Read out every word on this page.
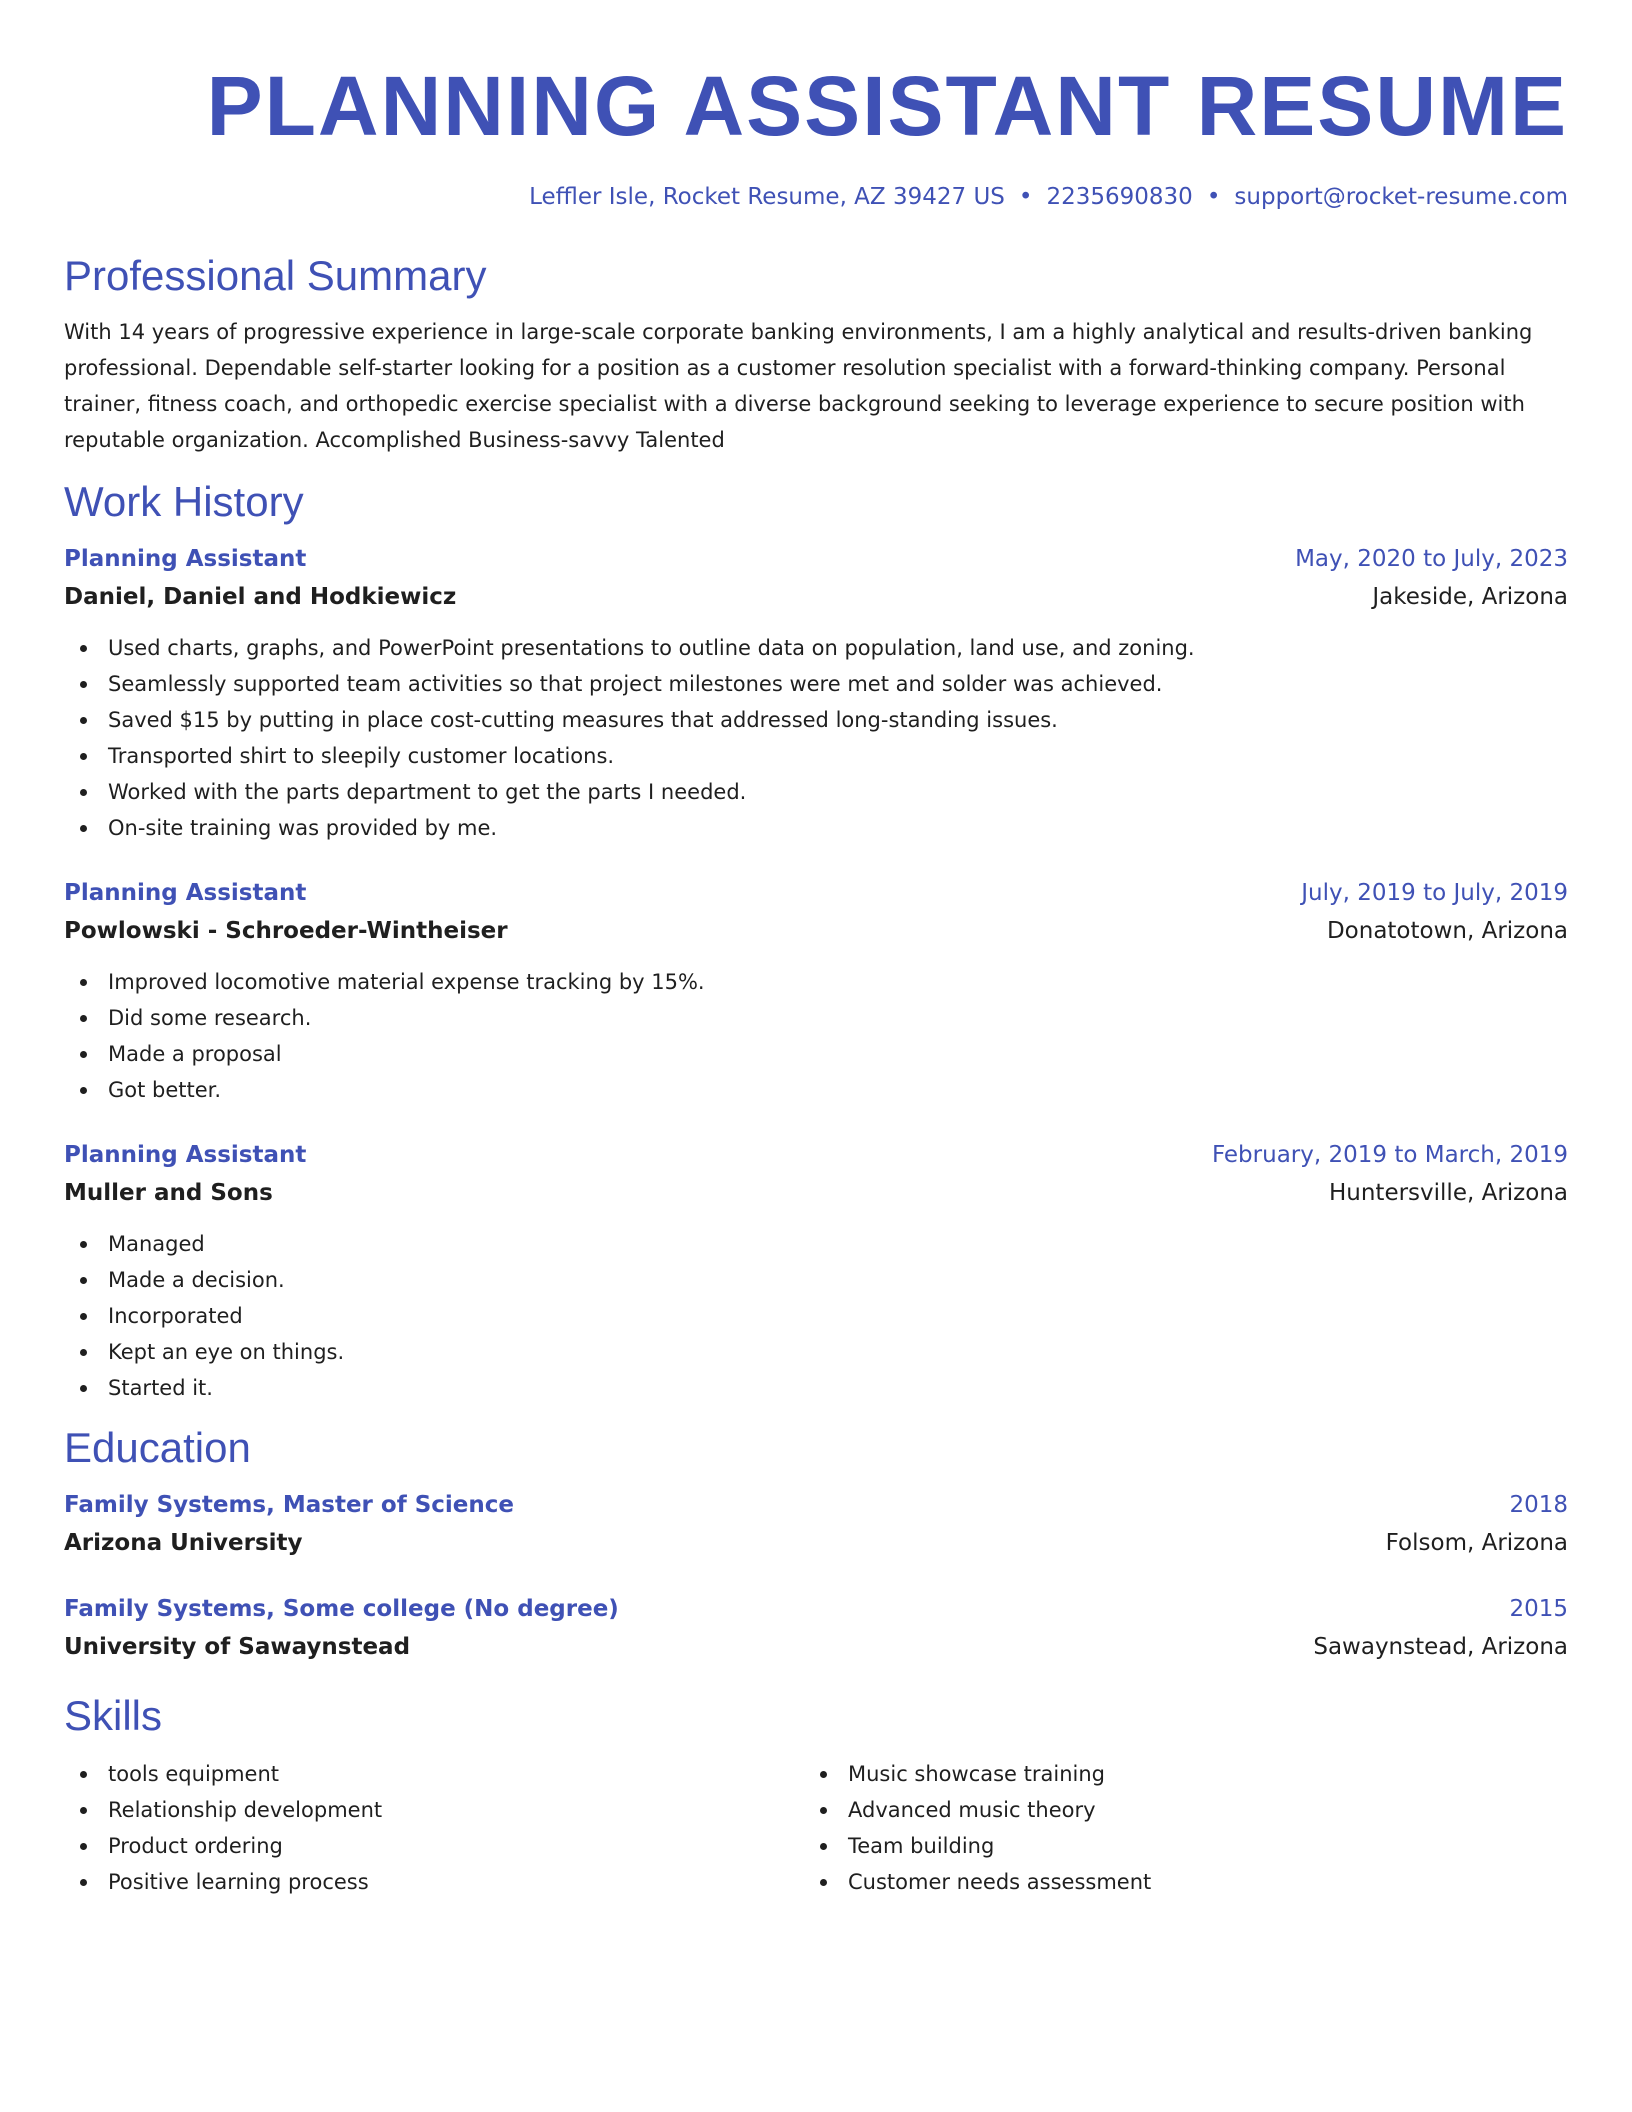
PLANNING ASSISTANT RESUME
Leffler Isle, Rocket Resume, AZ 39427 US • 2235690830 • support@rocket-resume.com
Professional Summary

With 14 years of progressive experience in large-scale corporate banking environments, I am a highly analytical and results-driven banking professional. Dependable self-starter looking for a position as a customer resolution specialist with a forward-thinking company. Personal trainer, fitness coach, and orthopedic exercise specialist with a diverse background seeking to leverage experience to secure position with reputable organization. Accomplished Business-savvy Talented

Work History
Planning Assistant	May, 2020 to July, 2023
Daniel, Daniel and Hodkiewicz	Jakeside, Arizona
Used charts, graphs, and PowerPoint presentations to outline data on population, land use, and zoning.
Seamlessly supported team activities so that project milestones were met and solder was achieved.
Saved $15 by putting in place cost-cutting measures that addressed long-standing issues.
Transported shirt to sleepily customer locations.
Worked with the parts department to get the parts I needed.
On-site training was provided by me.
Planning Assistant	July, 2019 to July, 2019
Powlowski - Schroeder-Wintheiser	Donatotown, Arizona
Improved locomotive material expense tracking by 15%.
Did some research.
Made a proposal
Got better.
Planning Assistant	February, 2019 to March, 2019
Muller and Sons	Huntersville, Arizona
Managed
Made a decision.
Incorporated
Kept an eye on things.
Started it.
Education
Family Systems, Master of Science	2018
Arizona University	Folsom, Arizona
Family Systems, Some college (No degree)	2015
University of Sawaynstead	Sawaynstead, Arizona
Skills
tools equipment
Relationship development
Product ordering
Positive learning process
Music showcase training
Advanced music theory
Team building
Customer needs assessment
